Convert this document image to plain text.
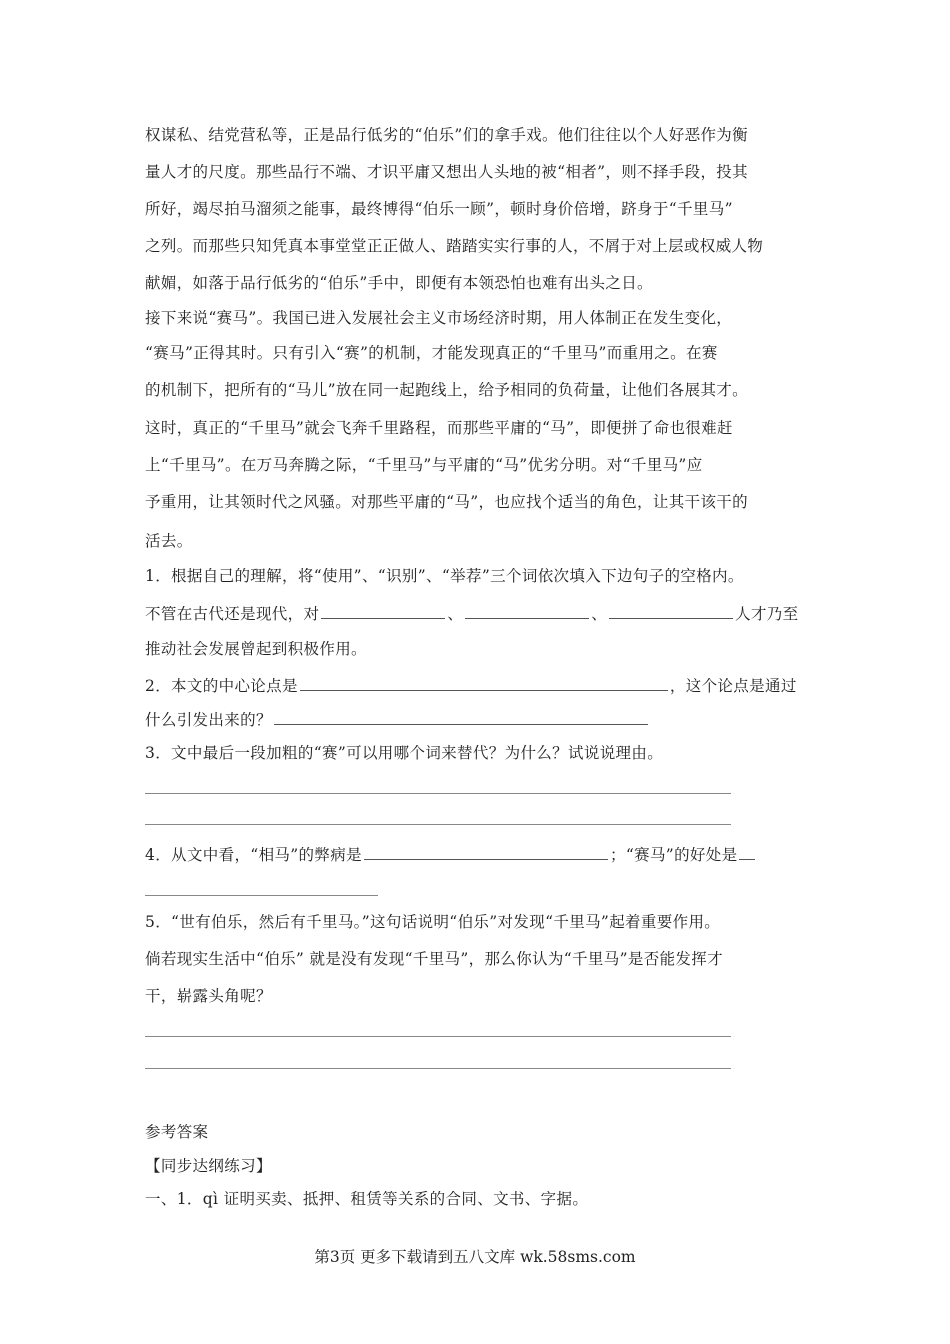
权谋私、结党营私等，正是品行低劣的“伯乐”们的拿手戏。他们往往以个人好恶作为衡
量人才的尺度。那些品行不端、才识平庸又想出人头地的被“相者”，则不择手段，投其
所好，竭尽拍马溜须之能事，最终博得“伯乐一顾”，顿时身价倍增，跻身于“千里马”
之列。而那些只知凭真本事堂堂正正做人、踏踏实实行事的人，不屑于对上层或权威人物
献媚，如落于品行低劣的“伯乐”手中，即便有本领恐怕也难有出头之日。
接下来说“赛马”。我国已进入发展社会主义市场经济时期，用人体制正在发生变化，
“赛马”正得其时。只有引入“赛”的机制，才能发现真正的“千里马”而重用之。在赛
的机制下，把所有的“马儿”放在同一起跑线上，给予相同的负荷量，让他们各展其才。
这时，真正的“千里马”就会飞奔千里路程，而那些平庸的“马”，即便拼了命也很难赶
上“千里马”。在万马奔腾之际，“千里马”与平庸的“马”优劣分明。对“千里马”应
予重用，让其领时代之风骚。对那些平庸的“马”，也应找个适当的角色，让其干该干的
活去。
1．根据自己的理解，将“使用”、“识别”、“举荐”三个词依次填入下边句子的空格内。
不管在古代还是现代，对	、	、	人才乃至
推动社会发展曾起到积极作用。
2．本文的中心论点是	，这个论点是通过
什么引发出来的？
3．文中最后一段加粗的“赛”可以用哪个词来替代？为什么？试说说理由。
4．从文中看，“相马”的弊病是	；“赛马”的好处是
5．“世有伯乐，然后有千里马。”这句话说明“伯乐”对发现“千里马”起着重要作用。
倘若现实生活中“伯乐” 就是没有发现“千里马”，那么你认为“千里马”是否能发挥才
干，崭露头角呢？
参考答案
【同步达纲练习】
一、1．qì 证明买卖、抵押、租赁等关系的合同、文书、字据。
第3页 更多下载请到五八文库 wk.58sms.com
